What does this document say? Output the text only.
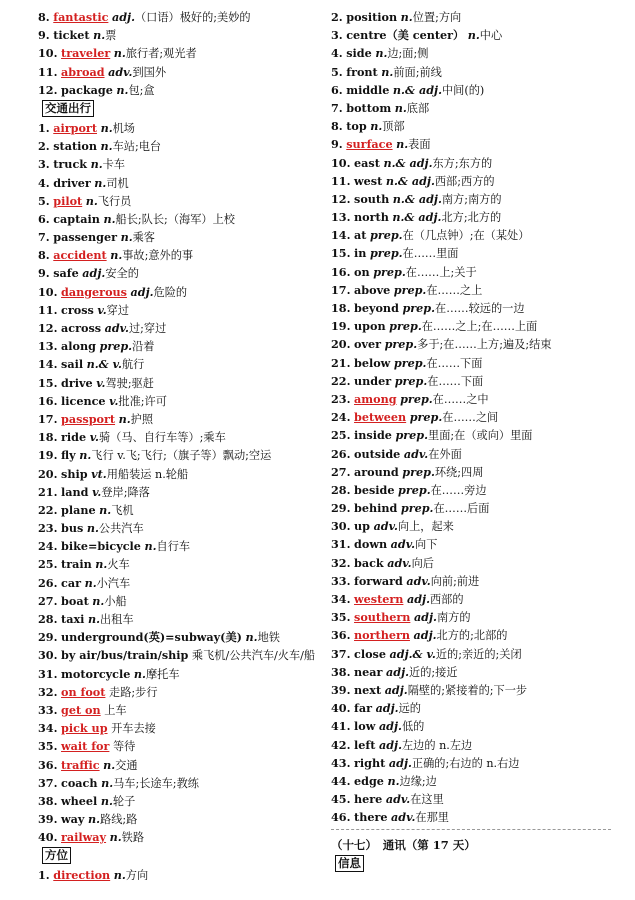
8. fantastic adj.（口语）极好的;美妙的
9. ticket n.票
10. traveler n.旅行者;观光者
11. abroad adv.到国外
12. package n.包;盒
交通出行
1. airport n.机场
2. station n.车站;电台
3. truck n.卡车
4. driver n.司机
5. pilot n.飞行员
6. captain n.船长;队长;（海军）上校
7. passenger n.乘客
8. accident n.事故;意外的事
9. safe adj.安全的
10. dangerous adj.危险的
11. cross v.穿过
12. across adv.过;穿过
13. along prep.沿着
14. sail n.& v.航行
15. drive v.驾驶;驱赶
16. licence v.批准;许可
17. passport n.护照
18. ride v.骑（马、自行车等）;乘车
19. fly n.飞行 v.飞;飞行;（旗子等）飘动;空运
20. ship vt.用船装运 n.轮船
21. land v.登岸;降落
22. plane n.飞机
23. bus n.公共汽车
24. bike=bicycle n.自行车
25. train n.火车
26. car n.小汽车
27. boat n.小船
28. taxi n.出租车
29. underground(英)=subway(美) n.地铁
30. by air/bus/train/ship 乘飞机/公共汽车/火车/船
31. motorcycle n.摩托车
32. on foot 走路;步行
33. get on 上车
34. pick up 开车去接
35. wait for 等待
36. traffic n.交通
37. coach n.马车;长途车;教练
38. wheel n.轮子
39. way n.路线;路
40. railway n.铁路
方位
1. direction n.方向
2. position n.位置;方向
3. centre（美 center） n.中心
4. side n.边;面;侧
5. front n.前面;前线
6. middle n.& adj.中间(的)
7. bottom n.底部
8. top n.顶部
9. surface n.表面
10. east n.& adj.东方;东方的
11. west n.& adj.西部;西方的
12. south n.& adj.南方;南方的
13. north n.& adj.北方;北方的
14. at prep.在（几点钟）;在（某处）
15. in prep.在……里面
16. on prep.在……上;关于
17. above prep.在……之上
18. beyond prep.在……较远的一边
19. upon prep.在……之上;在……上面
20. over prep.多于;在……上方;遍及;结束
21. below prep.在……下面
22. under prep.在……下面
23. among prep.在……之中
24. between prep.在……之间
25. inside prep.里面;在（或向）里面
26. outside adv.在外面
27. around prep.环绕;四周
28. beside prep.在……旁边
29. behind prep.在……后面
30. up adv.向上，起来
31. down adv.向下
32. back adv.向后
33. forward adv.向前;前进
34. western adj.西部的
35. southern adj.南方的
36. northern adj.北方的;北部的
37. close adj.& v.近的;亲近的;关闭
38. near adj.近的;接近
39. next adj.隔壁的;紧接着的;下一步
40. far adj.远的
41. low adj.低的
42. left adj.左边的 n.左边
43. right adj.正确的;右边的 n.右边
44. edge n.边缘;边
45. here adv.在这里
46. there adv.在那里
（十七）　通讯（第 17 天）
信息
